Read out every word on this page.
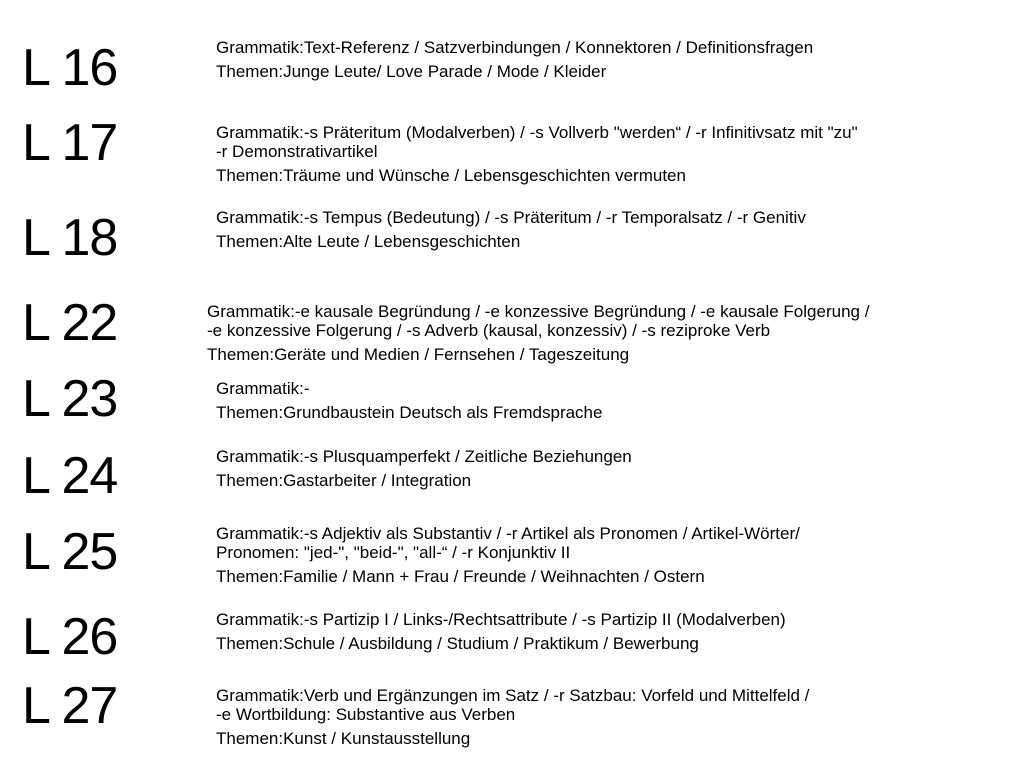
L 16	Grammatik:Text-Referenz / Satzverbindungen / Konnektoren / Definitionsfragen
Themen:Junge Leute/ Love Parade / Mode / Kleider
L 17	Grammatik:-s Präteritum (Modalverben) / -s Vollverb "werden“ / -r Infinitivsatz mit "zu"
-r Demonstrativartikel
Themen:Träume und Wünsche / Lebensgeschichten vermuten
L 18	Grammatik:-s Tempus (Bedeutung) / -s Präteritum / -r Temporalsatz / -r Genitiv
Themen:Alte Leute / Lebensgeschichten
L 22	Grammatik:-e kausale Begründung / -e konzessive Begründung / -e kausale Folgerung /
-e konzessive Folgerung / -s Adverb (kausal, konzessiv) / -s reziproke Verb
Themen:Geräte und Medien / Fernsehen / Tageszeitung
L 23	Grammatik:-
Themen:Grundbaustein Deutsch als Fremdsprache
L 24	Grammatik:-s Plusquamperfekt / Zeitliche Beziehungen
Themen:Gastarbeiter / Integration
L 25	Grammatik:-s Adjektiv als Substantiv / -r Artikel als Pronomen / Artikel-Wörter/
Pronomen: "jed-", "beid-", "all-“ / -r Konjunktiv II
Themen:Familie / Mann + Frau / Freunde / Weihnachten / Ostern
L 26	Grammatik:-s Partizip I / Links-/Rechtsattribute / -s Partizip II (Modalverben)
Themen:Schule / Ausbildung / Studium / Praktikum / Bewerbung
L 27	Grammatik:Verb und Ergänzungen im Satz / -r Satzbau: Vorfeld und Mittelfeld /
-e Wortbildung: Substantive aus Verben
Themen:Kunst / Kunstausstellung
